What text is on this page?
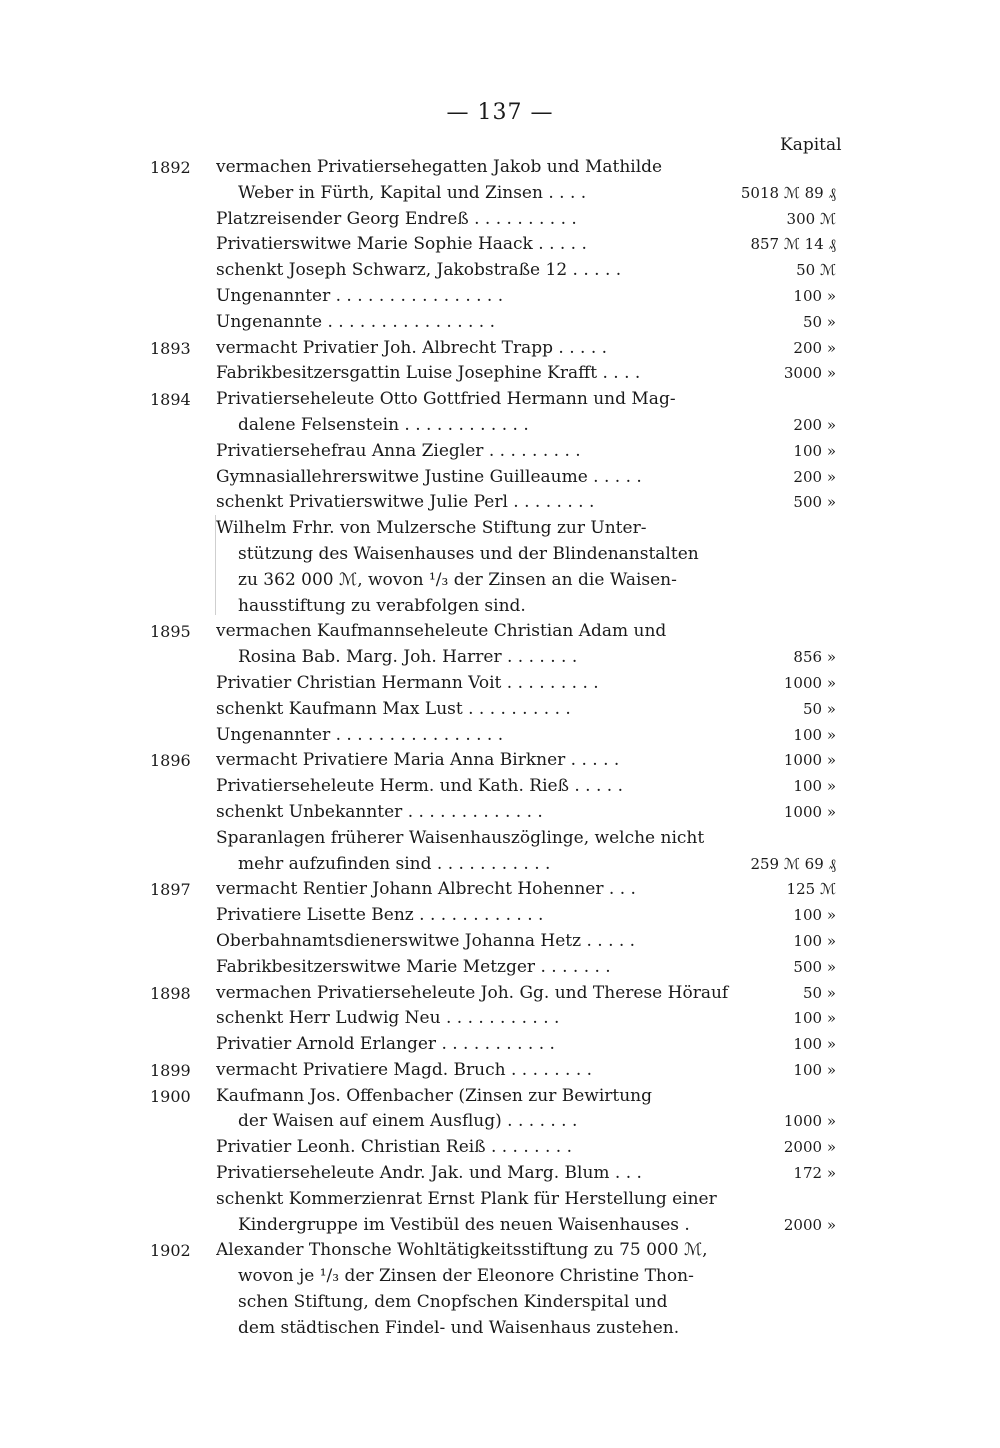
— 137 —
Kapital
1892	vermachen Privatiersehegatten Jakob und Mathilde
Weber in Fürth, Kapital und Zinsen . . . .	5018 ℳ 89 ₰
Platzreisender Georg Endreß . . . . . . . . . .	300 ℳ
Privatierswitwe Marie Sophie Haack . . . . .	857 ℳ 14 ₰
schenkt Joseph Schwarz, Jakobstraße 12 . . . . .	50 ℳ
Ungenannter . . . . . . . . . . . . . . . .	100 »
Ungenannte . . . . . . . . . . . . . . . .	50 »
1893	vermacht Privatier Joh. Albrecht Trapp . . . . .	200 »
Fabrikbesitzersgattin Luise Josephine Krafft . . . .	3000 »
1894	Privatierseheleute Otto Gottfried Hermann und Mag-
dalene Felsenstein . . . . . . . . . . . .	200 »
Privatiersehefrau Anna Ziegler . . . . . . . . .	100 »
Gymnasiallehrerswitwe Justine Guilleaume . . . . .	200 »
schenkt Privatierswitwe Julie Perl . . . . . . . .	500 »
Wilhelm Frhr. von Mulzersche Stiftung zur Unter-
stützung des Waisenhauses und der Blindenanstalten
zu 362 000 ℳ, wovon ¹/₃ der Zinsen an die Waisen-
hausstiftung zu verabfolgen sind.
1895	vermachen Kaufmannseheleute Christian Adam und
Rosina Bab. Marg. Joh. Harrer . . . . . . .	856 »
Privatier Christian Hermann Voit . . . . . . . . .	1000 »
schenkt Kaufmann Max Lust . . . . . . . . . .	50 »
Ungenannter . . . . . . . . . . . . . . . .	100 »
1896	vermacht Privatiere Maria Anna Birkner . . . . .	1000 »
Privatierseheleute Herm. und Kath. Rieß . . . . .	100 »
schenkt Unbekannter . . . . . . . . . . . . .	1000 »
Sparanlagen früherer Waisenhauszöglinge, welche nicht
mehr aufzufinden sind . . . . . . . . . . .	259 ℳ 69 ₰
1897	vermacht Rentier Johann Albrecht Hohenner . . .	125 ℳ
Privatiere Lisette Benz . . . . . . . . . . . .	100 »
Oberbahnamtsdienerswitwe Johanna Hetz . . . . .	100 »
Fabrikbesitzerswitwe Marie Metzger . . . . . . .	500 »
1898	vermachen Privatierseheleute Joh. Gg. und Therese Hörauf	50 »
schenkt Herr Ludwig Neu . . . . . . . . . . .	100 »
Privatier Arnold Erlanger . . . . . . . . . . .	100 »
1899	vermacht Privatiere Magd. Bruch . . . . . . . .	100 »
1900	Kaufmann Jos. Offenbacher (Zinsen zur Bewirtung
der Waisen auf einem Ausflug) . . . . . . .	1000 »
Privatier Leonh. Christian Reiß . . . . . . . .	2000 »
Privatierseheleute Andr. Jak. und Marg. Blum . . .	172 »
schenkt Kommerzienrat Ernst Plank für Herstellung einer
Kindergruppe im Vestibül des neuen Waisenhauses .	2000 »
1902	Alexander Thonsche Wohltätigkeitsstiftung zu 75 000 ℳ,
wovon je ¹/₃ der Zinsen der Eleonore Christine Thon-
schen Stiftung, dem Cnopfschen Kinderspital und
dem städtischen Findel- und Waisenhaus zustehen.
